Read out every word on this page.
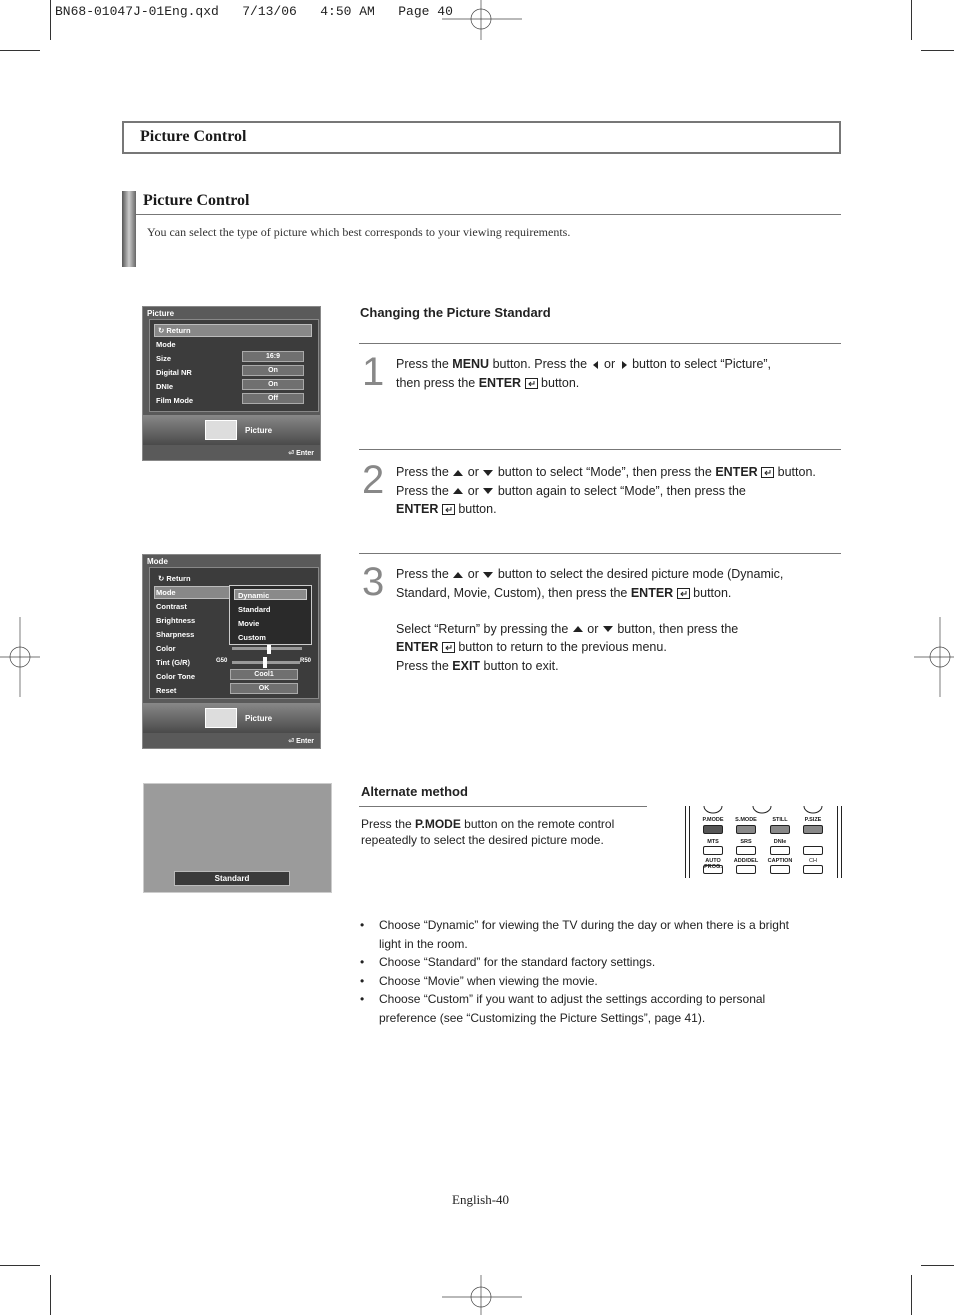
BN68-01047J-01Eng.qxd   7/13/06   4:50 AM   Page 40
Picture Control
Picture Control
You can select the type of picture which best corresponds to your viewing requirements.
Picture
↻ Return
Mode
Size	16:9
Digital NR	On
DNIe	On
Film Mode	Off
Picture
⏎ Enter
Mode
↻ Return
Mode
Contrast
Brightness
Sharpness
Color
Tint (G/R)	G50	R50
Color Tone	Cool1
Reset	OK
Dynamic
Standard
Movie
Custom
Picture
⏎ Enter
Standard
Changing the Picture Standard
1 Press the MENU button. Press the  or  button to select “Picture”,
then press the ENTER  button.
2 Press the  or  button to select “Mode”, then press the ENTER  button.
Press the  or  button again to select “Mode”, then press the
ENTER  button.
3 Press the  or  button to select the desired picture mode (Dynamic,
Standard, Movie, Custom), then press the ENTER  button.

Select “Return” by pressing the  or  button, then press the
ENTER  button to return to the previous menu.
Press the EXIT button to exit.
Alternate method
Press the P.MODE button on the remote control repeatedly to select the desired picture mode.
P.MODE	S.MODE	STILL	P.SIZE
MTS	SRS	DNIe
AUTO PROG.
ADD/DEL	CAPTION	CH
• Choose “Dynamic” for viewing the TV during the day or when there is a bright light in the room.
• Choose “Standard” for the standard factory settings.
• Choose “Movie” when viewing the movie.
• Choose “Custom” if you want to adjust the settings according to personal preference (see “Customizing the Picture Settings”, page 41).
English-40
